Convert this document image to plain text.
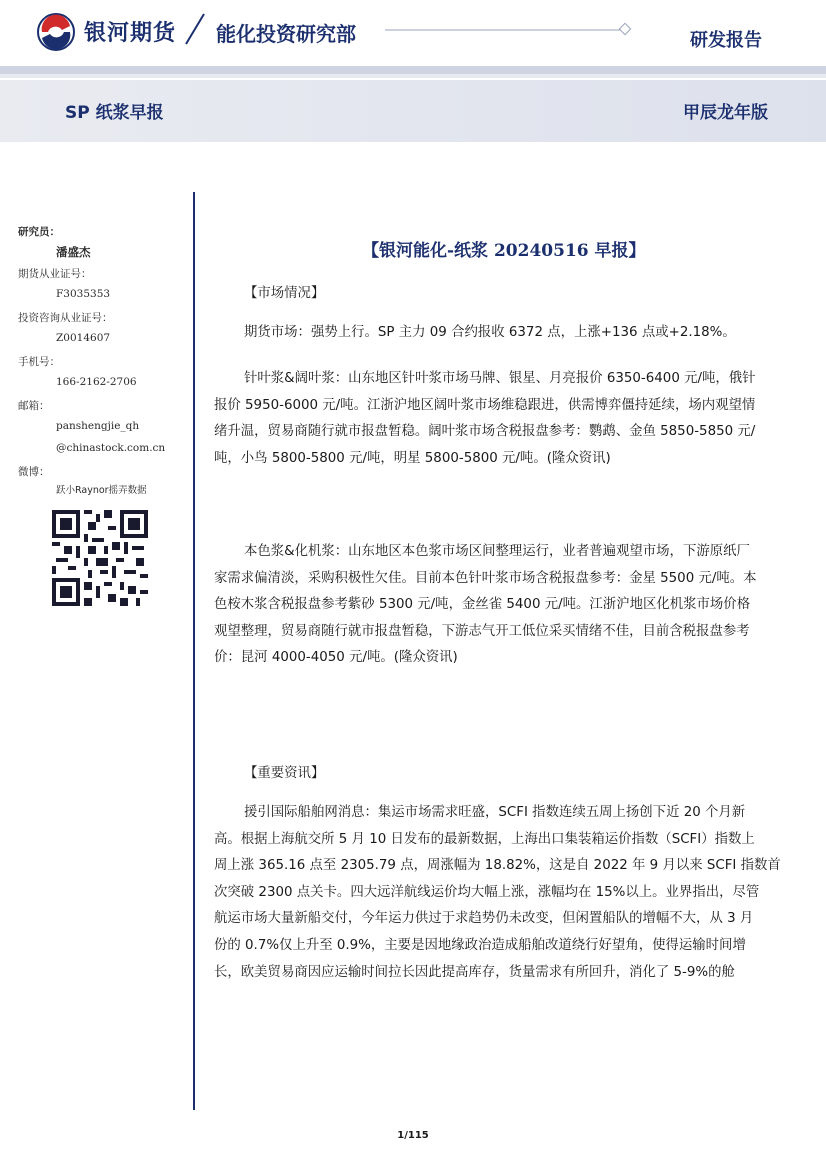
银河期货 能化投资研究部	研发报告
SP 纸浆早报	甲辰龙年版
研究员：
潘盛杰
期货从业证号：
F3035353
投资咨询从业证号：
Z0014607
手机号：
166-2162-2706
邮箱：
panshengjie_qh
@chinastock.com.cn
微博：
跃小Raynor摇弄数据
【银河能化-纸浆 20240516 早报】
【市场情况】

期货市场：强势上行。SP 主力 09 合约报收 6372 点，上涨+136 点或+2.18%。

针叶浆&阔叶浆：山东地区针叶浆市场马牌、银星、月亮报价 6350-6400 元/吨，俄针

报价 5950-6000 元/吨。江浙沪地区阔叶浆市场维稳跟进，供需博弈僵持延续，场内观望情
绪升温，贸易商随行就市报盘暂稳。阔叶浆市场含税报盘参考：鹦鹉、金鱼 5850-5850 元/
吨，小鸟 5800-5800 元/吨，明星 5800-5800 元/吨。(隆众资讯)

本色浆&化机浆：山东地区本色浆市场区间整理运行，业者普遍观望市场，下游原纸厂

家需求偏清淡，采购积极性欠佳。目前本色针叶浆市场含税报盘参考：金星 5500 元/吨。本
色桉木浆含税报盘参考紫砂 5300 元/吨，金丝雀 5400 元/吨。江浙沪地区化机浆市场价格
观望整理，贸易商随行就市报盘暂稳，下游志气开工低位采买情绪不佳，目前含税报盘参考
价：昆河 4000-4050 元/吨。(隆众资讯)
【重要资讯】

援引国际船舶网消息：集运市场需求旺盛，SCFI 指数连续五周上扬创下近 20 个月新

高。根据上海航交所 5 月 10 日发布的最新数据，上海出口集装箱运价指数（SCFI）指数上
周上涨 365.16 点至 2305.79 点，周涨幅为 18.82%，这是自 2022 年 9 月以来 SCFI 指数首
次突破 2300 点关卡。四大远洋航线运价均大幅上涨，涨幅均在 15%以上。业界指出，尽管
航运市场大量新船交付，今年运力供过于求趋势仍未改变，但闲置船队的增幅不大，从 3 月
份的 0.7%仅上升至 0.9%，主要是因地缘政治造成船舶改道绕行好望角，使得运输时间增
长，欧美贸易商因应运输时间拉长因此提高库存，货量需求有所回升，消化了 5-9%的舱
1/115
